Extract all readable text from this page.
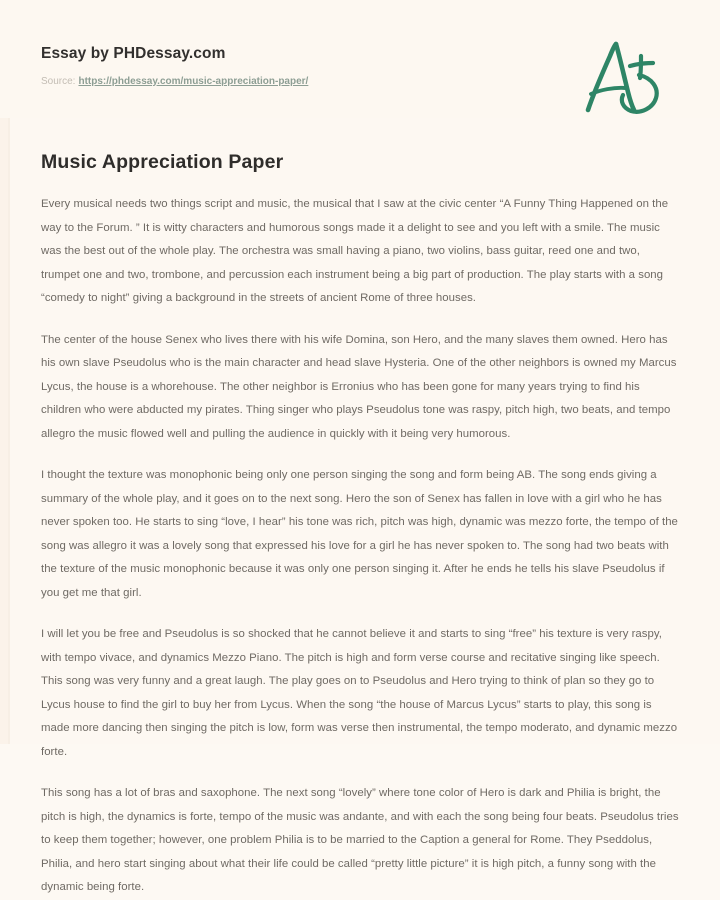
Essay by PHDessay.com
Source: https://phdessay.com/music-appreciation-paper/
Music Appreciation Paper

Every musical needs two things script and music, the musical that I saw at the civic center “A Funny Thing Happened on the way to the Forum. ” It is witty characters and humorous songs made it a delight to see and you left with a smile. The music was the best out of the whole play. The orchestra was small having a piano, two violins, bass guitar, reed one and two, trumpet one and two, trombone, and percussion each instrument being a big part of production. The play starts with a song “comedy to night” giving a background in the streets of ancient Rome of three houses.

The center of the house Senex who lives there with his wife Domina, son Hero, and the many slaves them owned. Hero has his own slave Pseudolus who is the main character and head slave Hysteria. One of the other neighbors is owned my Marcus Lycus, the house is a whorehouse. The other neighbor is Erronius who has been gone for many years trying to find his children who were abducted my pirates. Thing singer who plays Pseudolus tone was raspy, pitch high, two beats, and tempo allegro the music flowed well and pulling the audience in quickly with it being very humorous.

I thought the texture was monophonic being only one person singing the song and form being AB. The song ends giving a summary of the whole play, and it goes on to the next song. Hero the son of Senex has fallen in love with a girl who he has never spoken too. He starts to sing “love, I hear” his tone was rich, pitch was high, dynamic was mezzo forte, the tempo of the song was allegro it was a lovely song that expressed his love for a girl he has never spoken to. The song had two beats with the texture of the music monophonic because it was only one person singing it. After he ends he tells his slave Pseudolus if you get me that girl.

I will let you be free and Pseudolus is so shocked that he cannot believe it and starts to sing “free” his texture is very raspy, with tempo vivace, and dynamics Mezzo Piano. The pitch is high and form verse course and recitative singing like speech. This song was very funny and a great laugh. The play goes on to Pseudolus and Hero trying to think of plan so they go to Lycus house to find the girl to buy her from Lycus. When the song “the house of Marcus Lycus” starts to play, this song is made more dancing then singing the pitch is low, form was verse then instrumental, the tempo moderato, and dynamic mezzo forte.

This song has a lot of bras and saxophone. The next song “lovely” where tone color of Hero is dark and Philia is bright, the pitch is high, the dynamics is forte, tempo of the music was andante, and with each the song being four beats. Pseudolus tries to keep them together; however, one problem Philia is to be married to the Caption a general for Rome. They Pseddolus, Philia, and hero start singing about what their life could be called “pretty little picture” it is high pitch, a funny song with the dynamic being forte.
